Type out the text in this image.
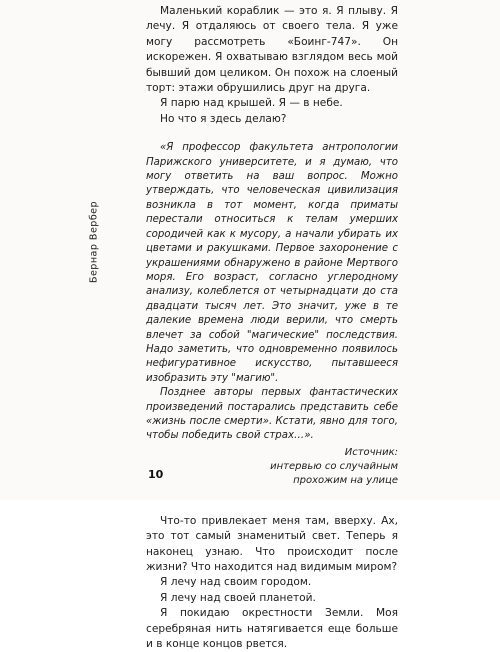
Бернар Вербер

Маленький кораблик — это я. Я плыву. Я лечу. Я отдаляюсь от своего тела. Я уже могу рассмотреть «Боинг-747». Он искорежен. Я охватываю взглядом весь мой бывший дом целиком. Он похож на слоеный торт: этажи обрушились друг на друга.

Я парю над крышей. Я — в небе.

Но что я здесь делаю?

«Я профессор факультета антропологии Парижского университете, и я думаю, что могу ответить на ваш вопрос. Можно утверждать, что человеческая цивилизация возникла в тот момент, когда приматы перестали относиться к телам умерших сородичей как к мусору, а начали убирать их цветами и ракушками. Первое захоронение с украшениями обнаружено в районе Мертвого моря. Его возраст, согласно углеродному анализу, колеблется от четырнадцати до ста двадцати тысяч лет. Это значит, уже в те далекие времена люди верили, что смерть влечет за собой "магические" последствия. Надо заметить, что одновременно появилось нефигуративное искусство, пытавшееся изобразить эту "магию".

Позднее авторы первых фантастических произведений постарались представить себе «жизнь после смерти». Кстати, явно для того, чтобы победить свой страх…».

Источник:
интервью со случайным
прохожим на улице

Что-то привлекает меня там, вверху. Ах, это тот самый знаменитый свет. Теперь я наконец узнаю. Что происходит после жизни? Что находится над видимым миром?

Я лечу над своим городом.

Я лечу над своей планетой.

Я покидаю окрестности Земли. Моя серебряная нить натягивается еще больше и в конце концов рвется.

10
